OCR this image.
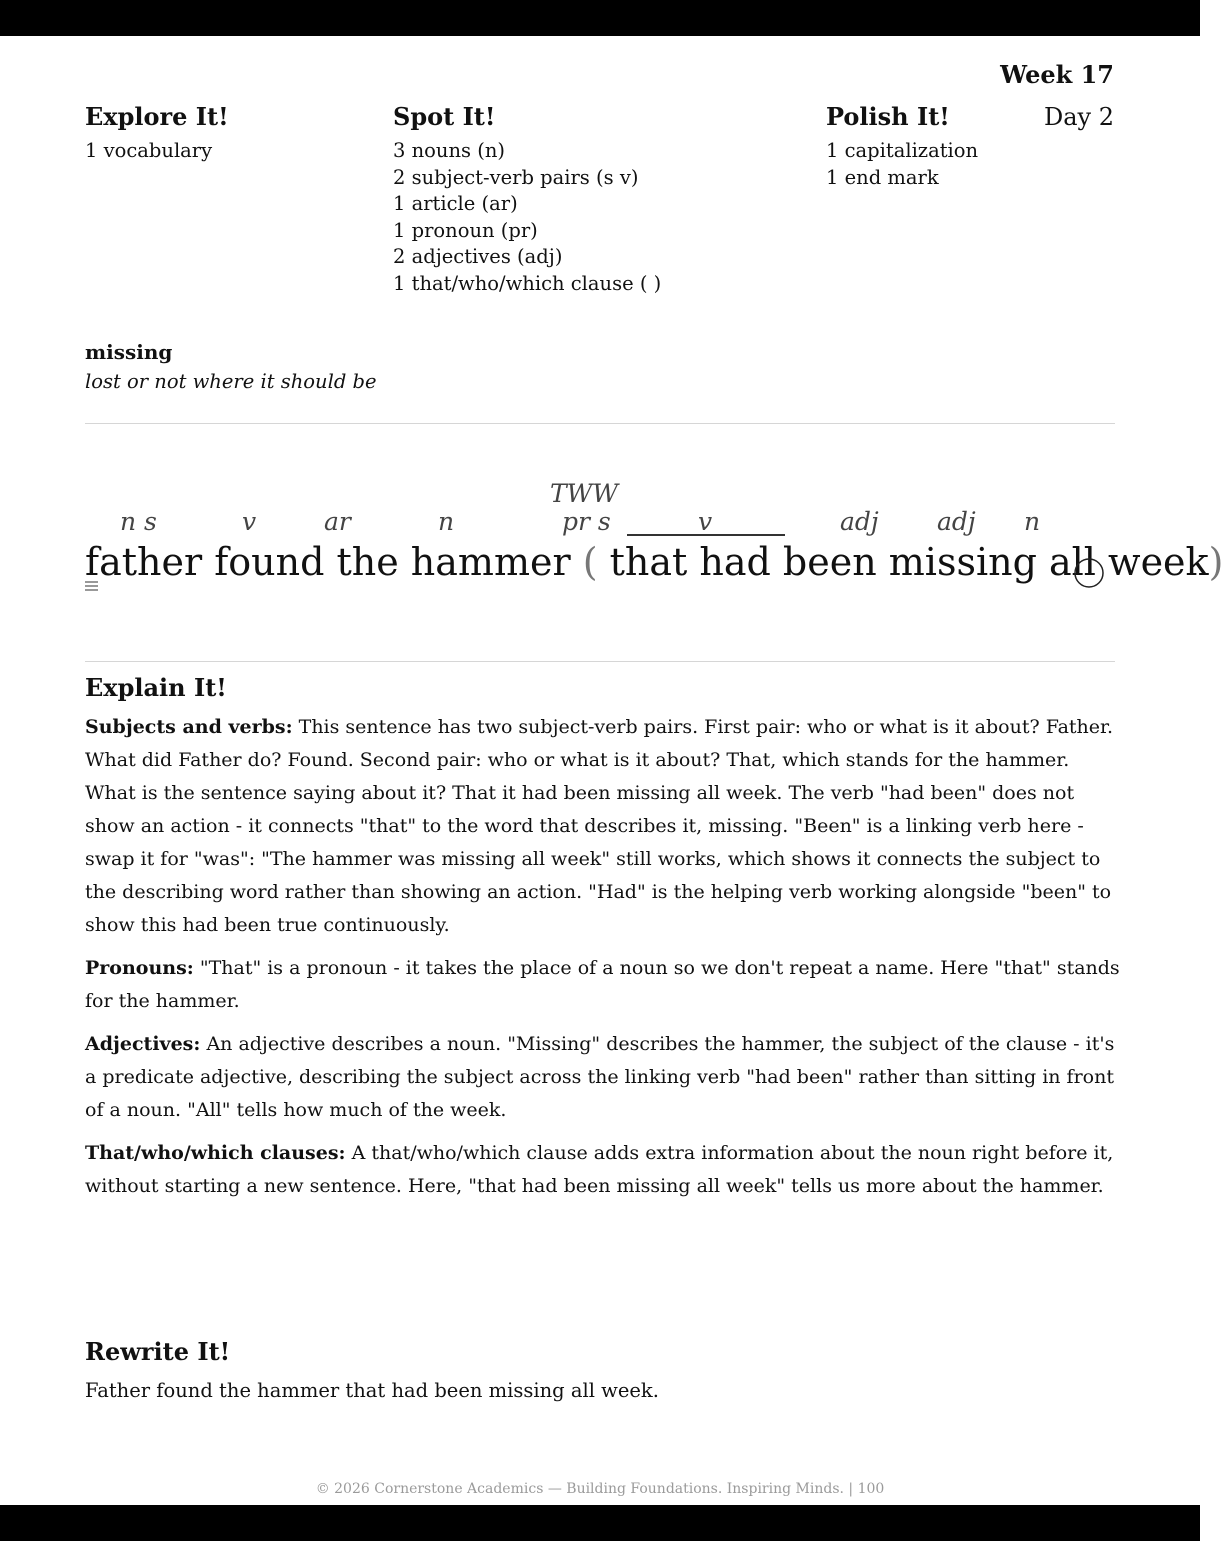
Week 17
Day 2
Explore It!
1 vocabulary
Spot It!
3 nouns (n)
2 subject-verb pairs (s v)
1 article (ar)
1 pronoun (pr)
2 adjectives (adj)
1 that/who/which clause ( )
Polish It!
1 capitalization
1 end mark
missing
lost or not where it should be
n s	v	ar	n
TWW
pr s	v	adj adj n
father found the hammer ( that had been missing all week)
Explain It!

Subjects and verbs: This sentence has two subject-verb pairs. First pair: who or what is it about? Father. What did Father do? Found. Second pair: who or what is it about? That, which stands for the hammer. What is the sentence saying about it? That it had been missing all week. The verb "had been" does not show an action - it connects "that" to the word that describes it, missing. "Been" is a linking verb here - swap it for "was": "The hammer was missing all week" still works, which shows it connects the subject to the describing word rather than showing an action. "Had" is the helping verb working alongside "been" to show this had been true continuously.

Pronouns: "That" is a pronoun - it takes the place of a noun so we don't repeat a name. Here "that" stands for the hammer.

Adjectives: An adjective describes a noun. "Missing" describes the hammer, the subject of the clause - it's a predicate adjective, describing the subject across the linking verb "had been" rather than sitting in front of a noun. "All" tells how much of the week.

That/who/which clauses: A that/who/which clause adds extra information about the noun right before it, without starting a new sentence. Here, "that had been missing all week" tells us more about the hammer.

Rewrite It!
Father found the hammer that had been missing all week.
© 2026 Cornerstone Academics — Building Foundations. Inspiring Minds. | 100
